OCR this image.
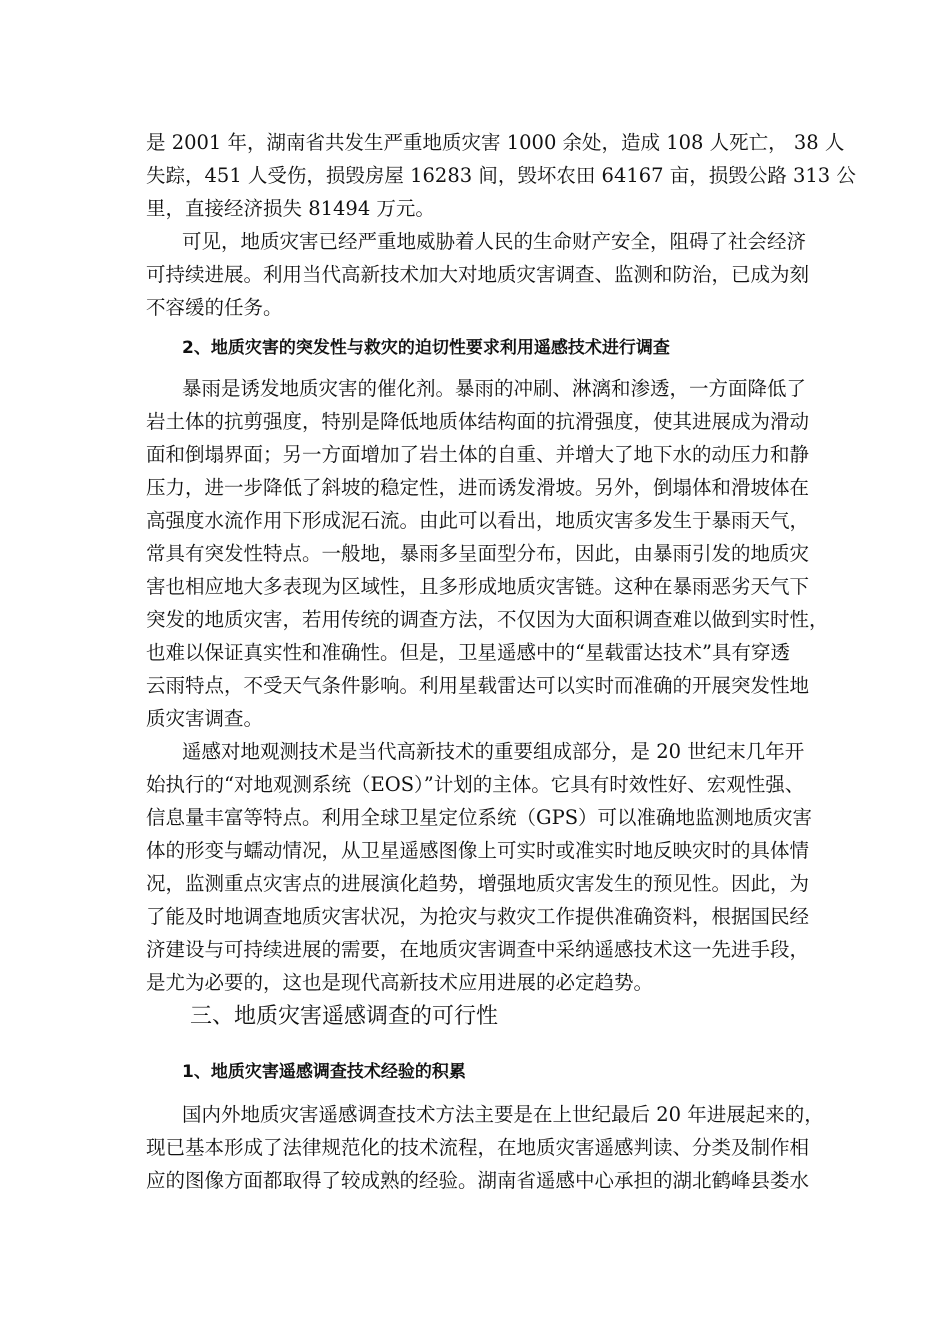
是 2001 年，湖南省共发生严重地质灾害 1000 余处，造成 108 人死亡， 38 人
失踪，451 人受伤，损毁房屋 16283 间，毁坏农田 64167 亩，损毁公路 313 公
里，直接经济损失 81494 万元。
可见，地质灾害已经严重地威胁着人民的生命财产安全，阻碍了社会经济
可持续进展。利用当代高新技术加大对地质灾害调查、监测和防治，已成为刻
不容缓的任务。
2、地质灾害的突发性与救灾的迫切性要求利用遥感技术进行调查
暴雨是诱发地质灾害的催化剂。暴雨的冲刷、淋漓和渗透，一方面降低了
岩土体的抗剪强度，特别是降低地质体结构面的抗滑强度，使其进展成为滑动
面和倒塌界面；另一方面增加了岩土体的自重、并增大了地下水的动压力和静
压力，进一步降低了斜坡的稳定性，进而诱发滑坡。另外，倒塌体和滑坡体在
高强度水流作用下形成泥石流。由此可以看出，地质灾害多发生于暴雨天气，
常具有突发性特点。一般地，暴雨多呈面型分布，因此，由暴雨引发的地质灾
害也相应地大多表现为区域性，且多形成地质灾害链。这种在暴雨恶劣天气下
突发的地质灾害，若用传统的调查方法，不仅因为大面积调查难以做到实时性，
也难以保证真实性和准确性。但是，卫星遥感中的“星载雷达技术”具有穿透
云雨特点，不受天气条件影响。利用星载雷达可以实时而准确的开展突发性地
质灾害调查。
遥感对地观测技术是当代高新技术的重要组成部分，是 20 世纪末几年开
始执行的“对地观测系统（EOS）”计划的主体。它具有时效性好、宏观性强、
信息量丰富等特点。利用全球卫星定位系统（GPS）可以准确地监测地质灾害
体的形变与蠕动情况，从卫星遥感图像上可实时或准实时地反映灾时的具体情
况，监测重点灾害点的进展演化趋势，增强地质灾害发生的预见性。因此，为
了能及时地调查地质灾害状况，为抢灾与救灾工作提供准确资料，根据国民经
济建设与可持续进展的需要，在地质灾害调查中采纳遥感技术这一先进手段，
是尤为必要的，这也是现代高新技术应用进展的必定趋势。
三、地质灾害遥感调查的可行性
1、地质灾害遥感调查技术经验的积累
国内外地质灾害遥感调查技术方法主要是在上世纪最后 20 年进展起来的，
现已基本形成了法律规范化的技术流程，在地质灾害遥感判读、分类及制作相
应的图像方面都取得了较成熟的经验。湖南省遥感中心承担的湖北鹤峰县娄水
